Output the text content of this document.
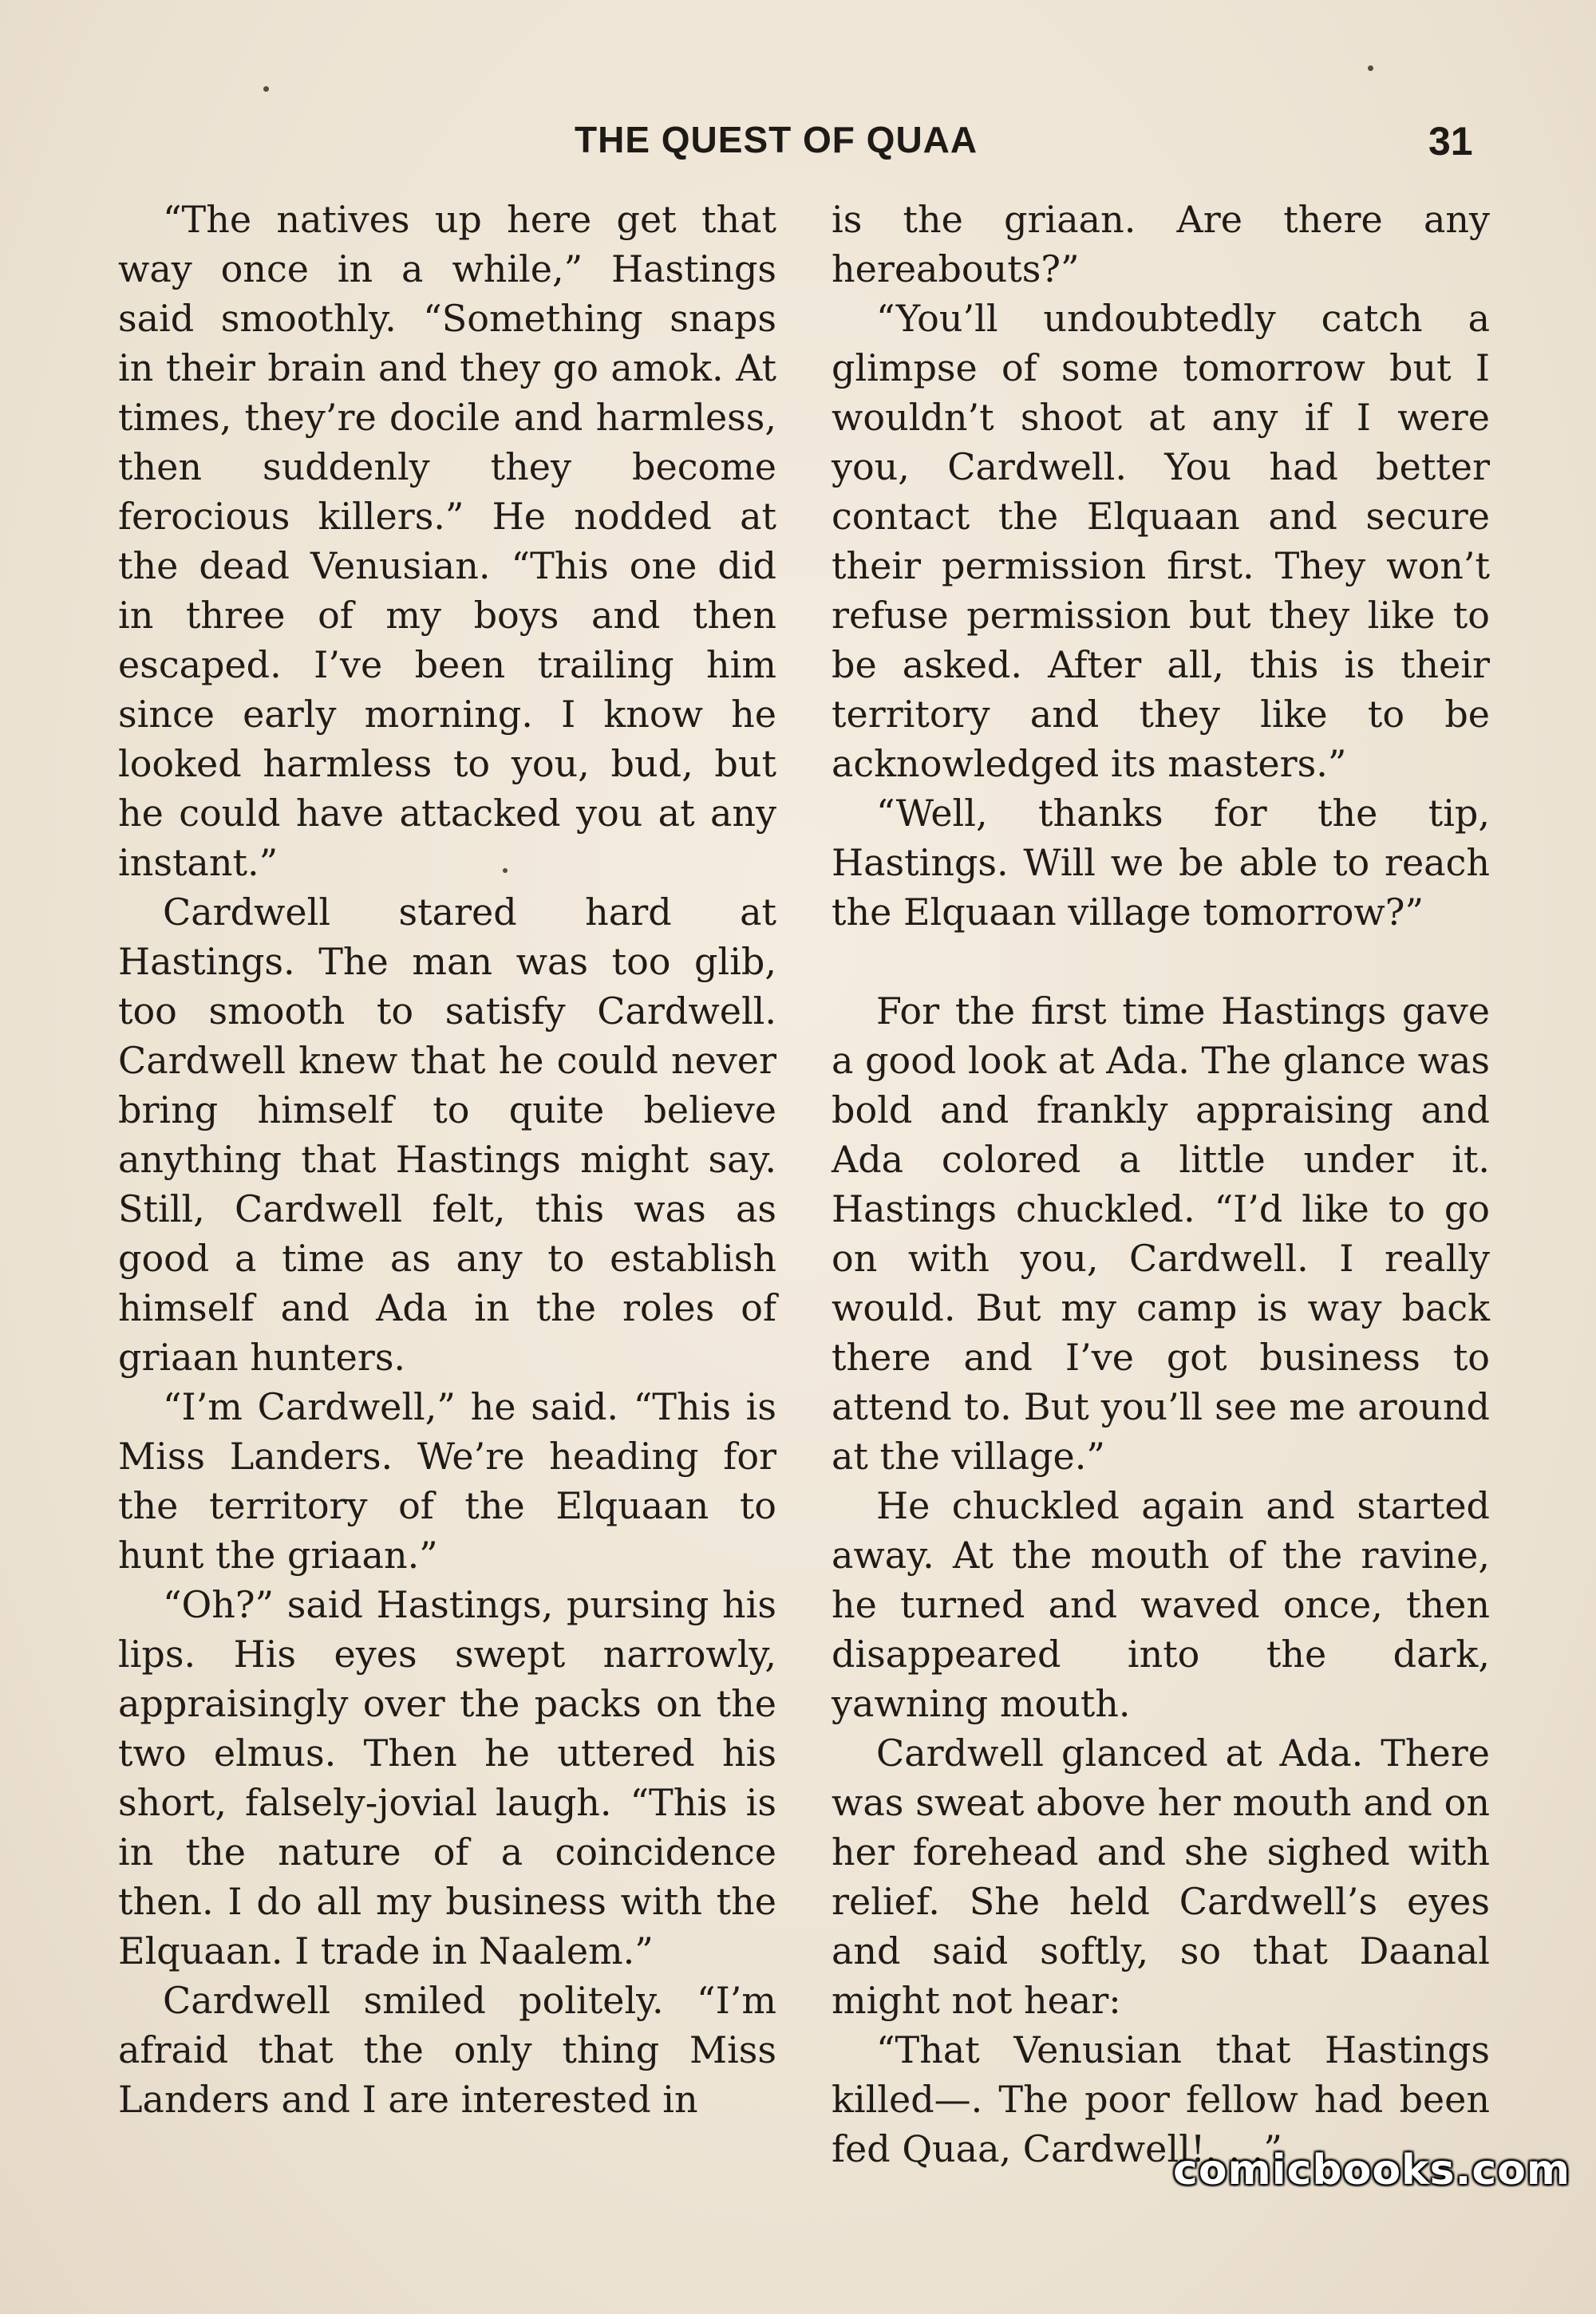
THE QUEST OF QUAA	31

“The natives up here get that way once in a while,” Hastings said smoothly. “Something snaps in their brain and they go amok. At times, they’re docile and harmless, then suddenly they become ferocious killers.” He nodded at the dead Venusian. “This one did in three of my boys and then escaped. I’ve been trailing him since early morning. I know he looked harmless to you, bud, but he could have attacked you at any instant.”

Cardwell stared hard at Hastings. The man was too glib, too smooth to satisfy Cardwell. Cardwell knew that he could never bring himself to quite believe anything that Hastings might say. Still, Cardwell felt, this was as good a time as any to establish himself and Ada in the roles of griaan hunters.

“I’m Cardwell,” he said. “This is Miss Landers. We’re heading for the territory of the Elquaan to hunt the griaan.”

“Oh?” said Hastings, pursing his lips. His eyes swept narrowly, appraisingly over the packs on the two elmus. Then he uttered his short, falsely-jovial laugh. “This is in the nature of a coincidence then. I do all my business with the Elquaan. I trade in Naalem.”

Cardwell smiled politely. “I’m afraid that the only thing Miss Landers and I are interested in

is the griaan. Are there any hereabouts?”

“You’ll undoubtedly catch a glimpse of some tomorrow but I wouldn’t shoot at any if I were you, Cardwell. You had better contact the Elquaan and secure their permission first. They won’t refuse permission but they like to be asked. After all, this is their territory and they like to be acknowledged its masters.”

“Well, thanks for the tip, Hastings. Will we be able to reach the Elquaan village tomorrow?”

For the first time Hastings gave a good look at Ada. The glance was bold and frankly appraising and Ada colored a little under it. Hastings chuckled. “I’d like to go on with you, Cardwell. I really would. But my camp is way back there and I’ve got business to attend to. But you’ll see me around at the village.”

He chuckled again and started away. At the mouth of the ravine, he turned and waved once, then disappeared into the dark, yawning mouth.

Cardwell glanced at Ada. There was sweat above her mouth and on her forehead and she sighed with relief. She held Cardwell’s eyes and said softly, so that Daanal might not hear:

“That Venusian that Hastings killed—. The poor fellow had been fed Quaa, Cardwell!. . .”

comicbooks.com
